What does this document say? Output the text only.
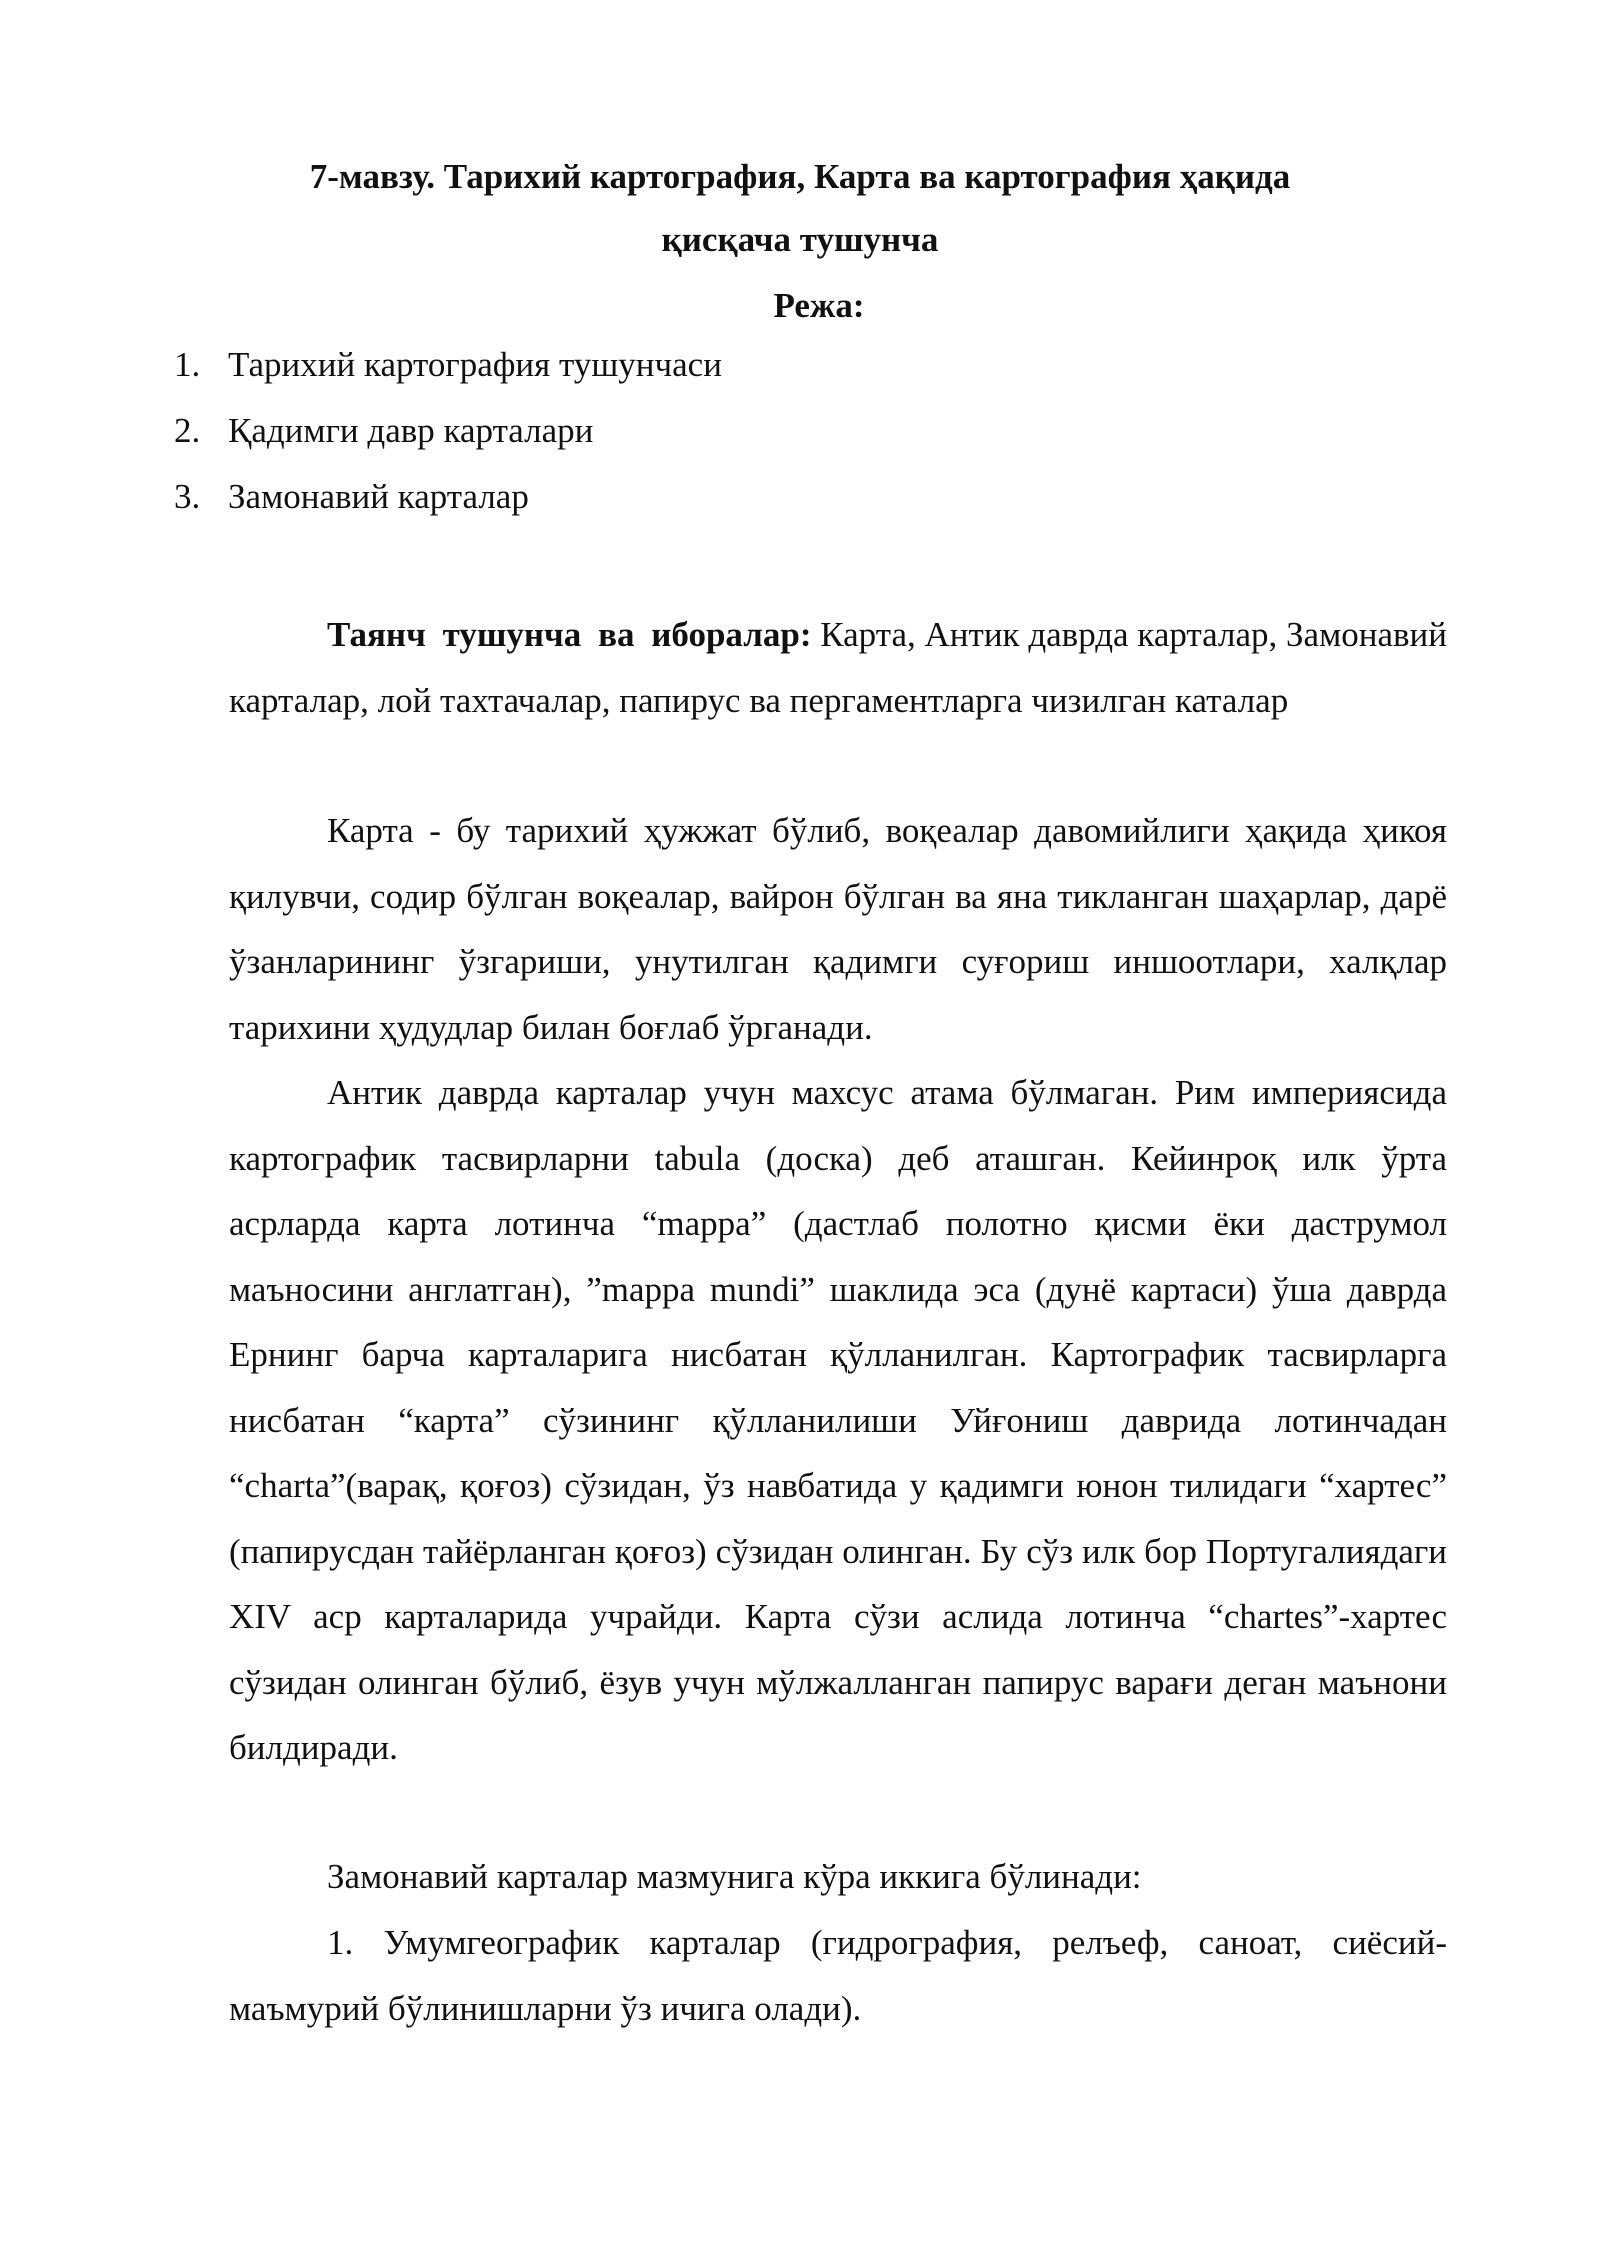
7-мавзу. Тарихий картография, Карта ва картография ҳақида
қисқача тушунча
Режа:
1. Тарихий картография тушунчаси
2. Қадимги давр карталари
3. Замонавий карталар

Таянч тушунча ва иборалар: Карта, Антик даврда карталар, Замонавий карталар, лой тахтачалар, папирус ва пергаментларга чизилган каталар

Карта - бу тарихий ҳужжат бўлиб, воқеалар давомийлиги ҳақида ҳикоя қилувчи, содир бўлган воқеалар, вайрон бўлган ва яна тикланган шаҳарлар, дарё ўзанларининг ўзгариши, унутилган қадимги суғориш иншоотлари, халқлар тарихини ҳудудлар билан боғлаб ўрганади.

Антик даврда карталар учун махсус атама бўлмаган. Рим империясида картографик тасвирларни tabula (доска) деб аташган. Кейинроқ илк ўрта асрларда карта лотинча “mappa” (дастлаб полотно қисми ёки даструмол маъносини англатган), ”mappa mundi” шаклида эса (дунё картаси) ўша даврда Ернинг барча карталарига нисбатан қўлланилган. Картографик тасвирларга нисбатан “карта” сўзининг қўлланилиши Уйғониш даврида лотинчадан “charta”(варақ, қоғоз) сўзидан, ўз навбатида у қадимги юнон тилидаги “хартес” (папирусдан тайёрланган қоғоз) сўзидан олинган. Бу сўз илк бор Португалиядаги XIV аср карталарида учрайди. Карта сўзи аслида лотинча “chartes”-хартес сўзидан олинган бўлиб, ёзув учун мўлжалланган папирус варағи деган маънони билдиради.

Замонавий карталар мазмунига кўра иккига бўлинади:

1. Умумгеографик карталар (гидрография, релъеф, саноат, сиёсий-маъмурий бўлинишларни ўз ичига олади).
